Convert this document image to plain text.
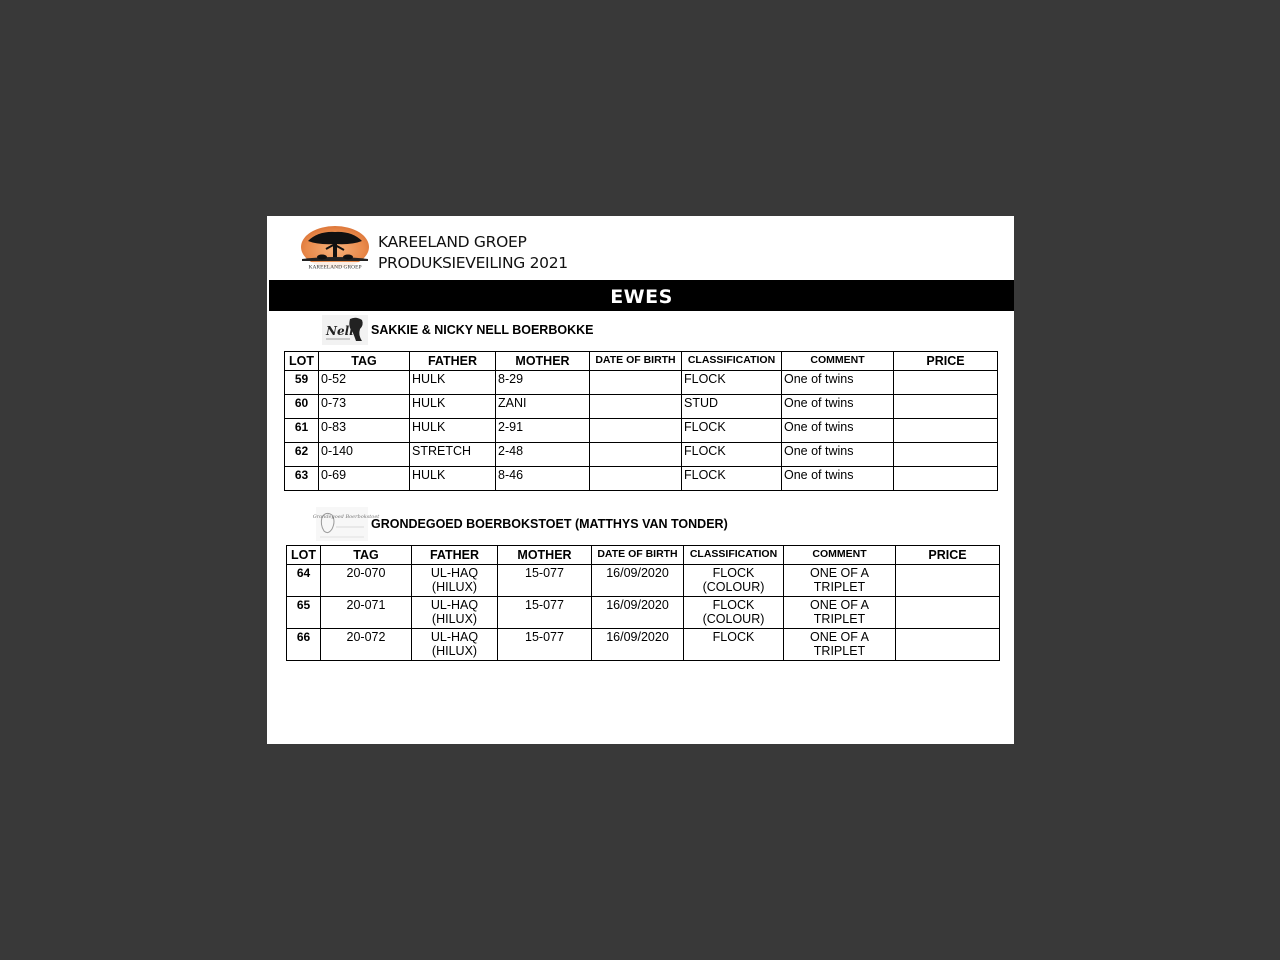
KAREELAND GROEP
KAREELAND GROEP
PRODUKSIEVEILING 2021
EWES
Nell SAKKIE & NICKY NELL BOERBOKKE
LOT	TAG	FATHER	MOTHER	DATE OF BIRTH	CLASSIFICATION	COMMENT	PRICE
59	0-52	HULK	8-29		FLOCK	One of twins	
60	0-73	HULK	ZANI		STUD	One of twins	
61	0-83	HULK	2-91		FLOCK	One of twins	
62	0-140	STRETCH	2-48		FLOCK	One of twins	
63	0-69	HULK	8-46		FLOCK	One of twins	
Grondegoed Boerbokstoet
GRONDEGOED BOERBOKSTOET (MATTHYS VAN TONDER)
LOT	TAG	FATHER	MOTHER	DATE OF BIRTH	CLASSIFICATION	COMMENT	PRICE
64	20-070	UL-HAQ (HILUX)	15-077	16/09/2020	FLOCK (COLOUR)	ONE OF A TRIPLET	
65	20-071	UL-HAQ (HILUX)	15-077	16/09/2020	FLOCK (COLOUR)	ONE OF A TRIPLET	
66	20-072	UL-HAQ (HILUX)	15-077	16/09/2020	FLOCK	ONE OF A TRIPLET	
